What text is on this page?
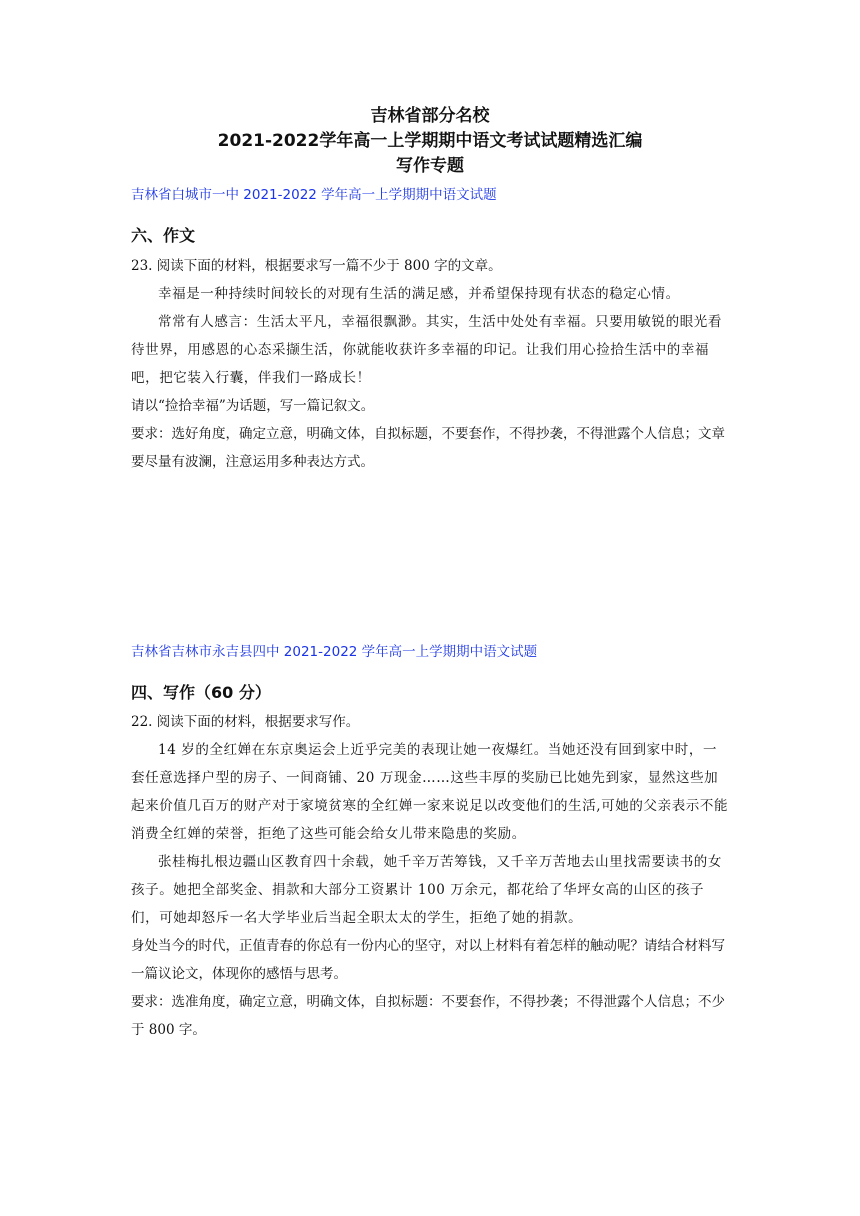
吉林省部分名校
2021-2022学年高一上学期期中语文考试试题精选汇编
写作专题
吉林省白城市一中 2021-2022 学年高一上学期期中语文试题
六、作文

23. 阅读下面的材料，根据要求写一篇不少于 800 字的文章。

幸福是一种持续时间较长的对现有生活的满足感，并希望保持现有状态的稳定心情。

常常有人感言：生活太平凡，幸福很飘渺。其实，生活中处处有幸福。只要用敏锐的眼光看待世界，用感恩的心态采撷生活，你就能收获许多幸福的印记。让我们用心捡拾生活中的幸福吧，把它装入行囊，伴我们一路成长！

请以“捡拾幸福”为话题，写一篇记叙文。

要求：选好角度，确定立意，明确文体，自拟标题，不要套作，不得抄袭，不得泄露个人信息；文章要尽量有波澜，注意运用多种表达方式。

吉林省吉林市永吉县四中 2021-2022 学年高一上学期期中语文试题
四、写作（60 分）

22. 阅读下面的材料，根据要求写作。

14 岁的全红婵在东京奥运会上近乎完美的表现让她一夜爆红。当她还没有回到家中时，一套任意选择户型的房子、一间商铺、20 万现金……这些丰厚的奖励已比她先到家，显然这些加起来价值几百万的财产对于家境贫寒的全红婵一家来说足以改变他们的生活,可她的父亲表示不能消费全红婵的荣誉，拒绝了这些可能会给女儿带来隐患的奖励。

张桂梅扎根边疆山区教育四十余载，她千辛万苦筹钱，又千辛万苦地去山里找需要读书的女孩子。她把全部奖金、捐款和大部分工资累计 100 万余元，都花给了华坪女高的山区的孩子们，可她却怒斥一名大学毕业后当起全职太太的学生，拒绝了她的捐款。

身处当今的时代，正值青春的你总有一份内心的坚守，对以上材料有着怎样的触动呢？请结合材料写一篇议论文，体现你的感悟与思考。

要求：选准角度，确定立意，明确文体，自拟标题：不要套作，不得抄袭；不得泄露个人信息；不少于 800 字。
